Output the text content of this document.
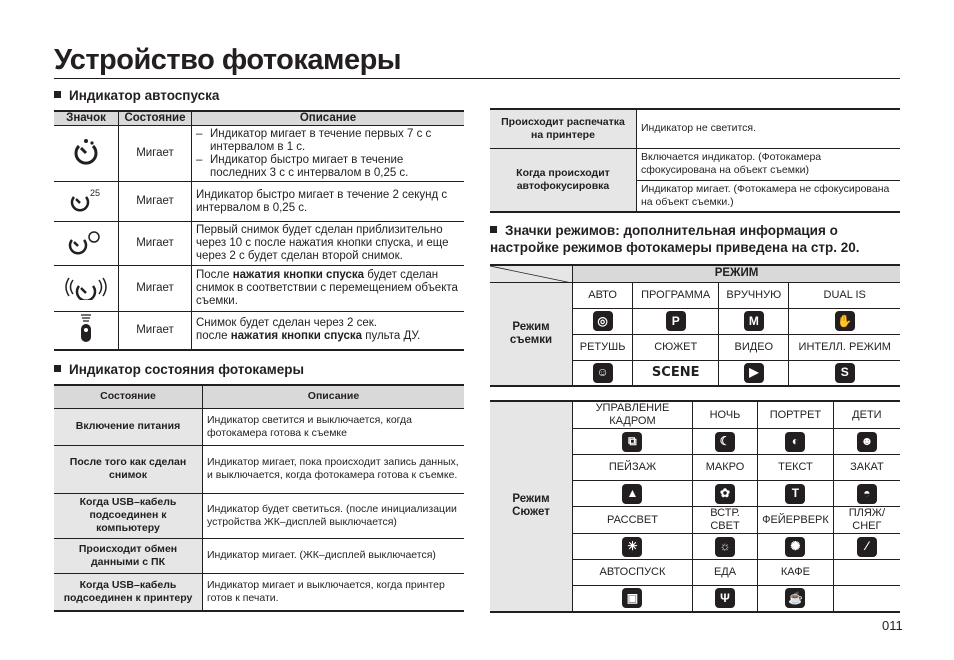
Устройство фотокамеры
Индикатор автоспуска
Значок	Состояние	Описание
	Мигает	
– Индикатор мигает в течение первых 7 с с интервалом в 1 с.
– Индикатор быстро мигает в течение последних 3 с с интервалом в 0,25 с.

25	Мигает	Индикатор быстро мигает в течение 2 секунд с интервалом в 0,25 с.
	Мигает	Первый снимок будет сделан приблизительно через 10 с после нажатия кнопки спуска, и еще через 2 с будет сделан второй снимок.
	Мигает	После нажатия кнопки спуска будет сделан снимок в соответствии с перемещением объекта съемки.
	Мигает	Снимок будет сделан через 2 сек.
после нажатия кнопки спуска пульта ДУ.
Индикатор состояния фотокамеры
Состояние	Описание
Включение питания	Индикатор светится и выключается, когда фотокамера готова к съемке
После того как сделан снимок	Индикатор мигает, пока происходит запись данных, и выключается, когда фотокамера готова к съемке.
Когда USB–кабель подсоединен к компьютеру	Индикатор будет светиться. (после инициализации устройства ЖК–дисплей выключается)
Происходит обмен данными с ПК	Индикатор мигает. (ЖК–дисплей выключается)
Когда USB–кабель подсоединен к принтеру	Индикатор мигает и выключается, когда принтер готов к печати.
Происходит распечатка на принтере	Индикатор не светится.
Когда происходит автофокусировка	Включается индикатор. (Фотокамера сфокусирована на объект съемки)
	Индикатор мигает. (Фотокамера не сфокусирована на объект съемки.)
Значки режимов: дополнительная информация о настройке режимов фотокамеры приведена на стр. 20.
	РЕЖИМ			
Режим съемки	АВТО	ПРОГРАММА	ВРУЧНУЮ	DUAL IS
	◎	P	M	✋
	РЕТУШЬ	СЮЖЕТ	ВИДЕО	ИНТЕЛЛ. РЕЖИМ
	☺	SCENE	▶	S
Режим Сюжет	УПРАВЛЕНИЕ КАДРОМ	НОЧЬ	ПОРТРЕТ	ДЕТИ
	⧉	☾	◐	☻
	ПЕЙЗАЖ	МАКРО	ТЕКСТ	ЗАКАТ
	▲	✿	T	◓
	РАССВЕТ	ВСТР. СВЕТ	ФЕЙЕРВЕРК	ПЛЯЖ/СНЕГ
	☀	☼	✺	⁄
	АВТОСПУСК	ЕДА	КАФЕ	
	▣	Ψ	☕	
011
